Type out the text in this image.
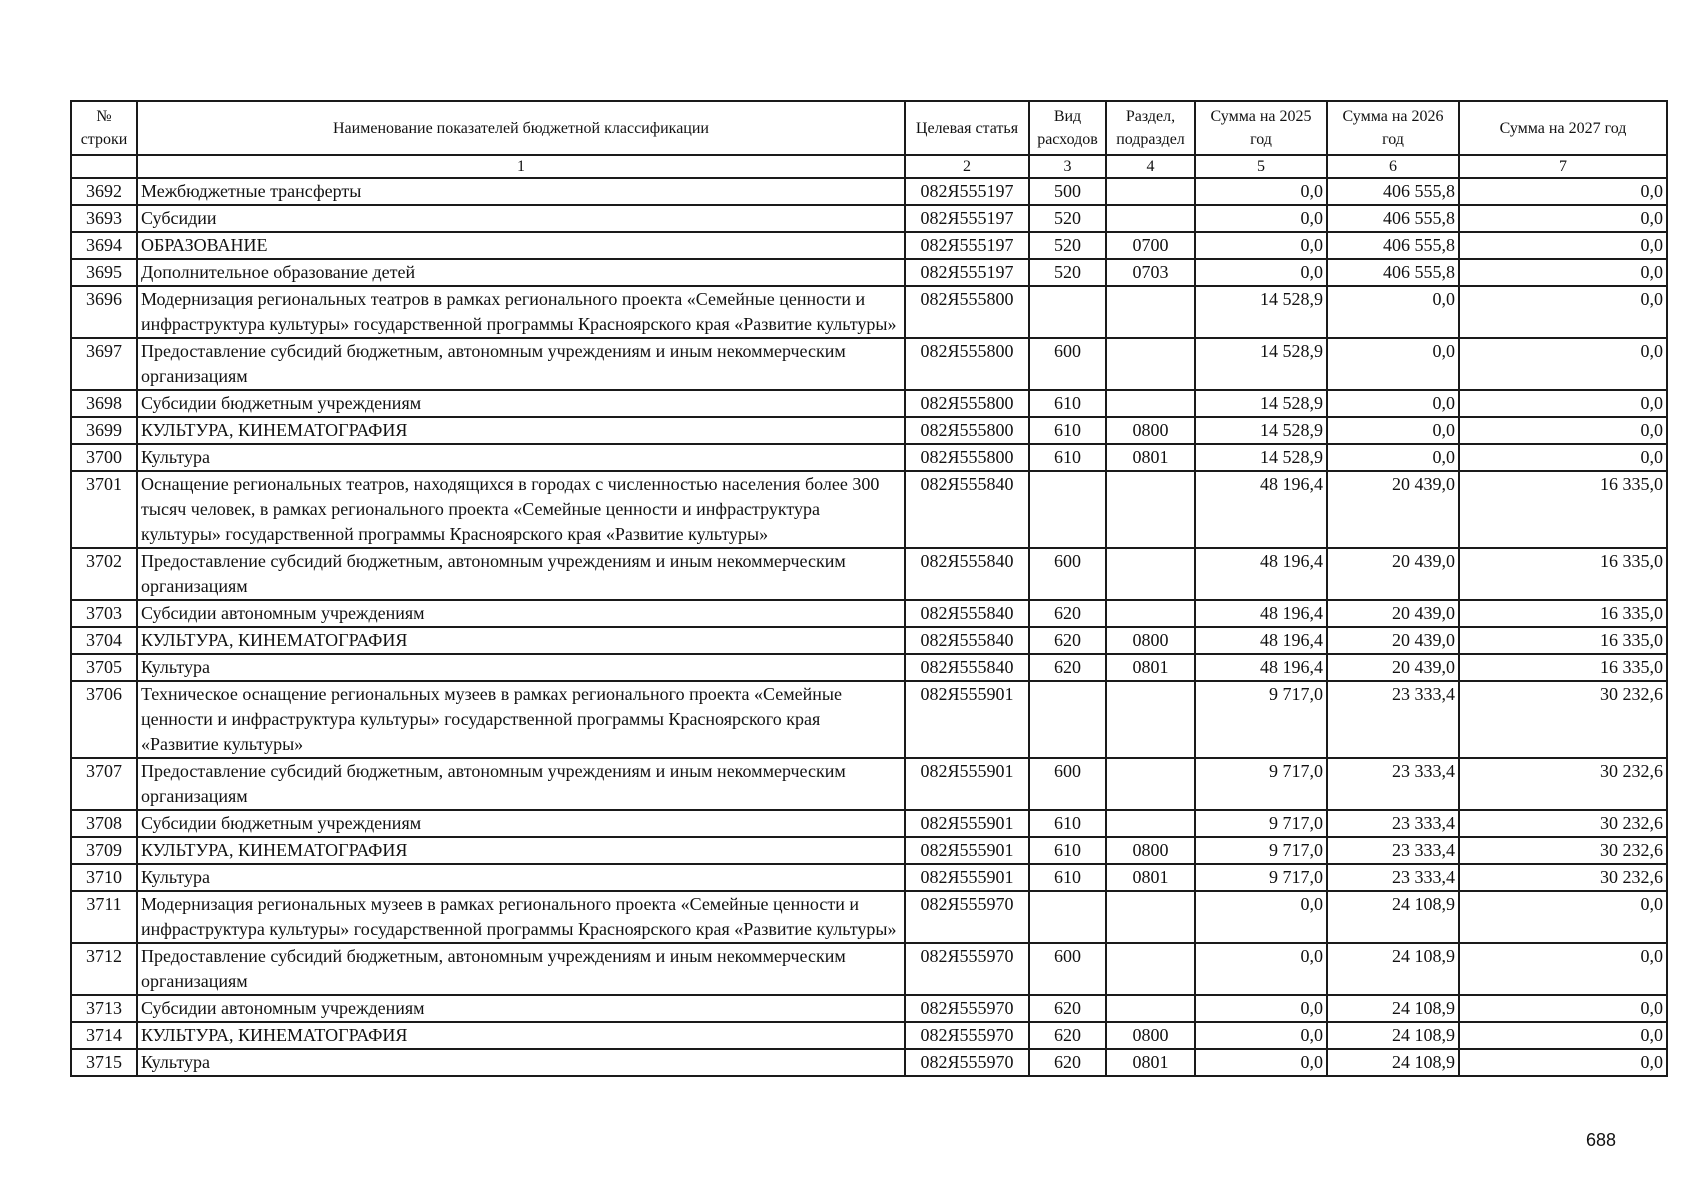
№ строки	Наименование показателей бюджетной классификации	Целевая статья	Вид расходов	Раздел, подраздел	Сумма на 2025 год	Сумма на 2026 год	Сумма на 2027 год
	1	2	3	4	5	6	7
3692	Межбюджетные трансферты	082Я555197	500		0,0	406 555,8	0,0
3693	Субсидии	082Я555197	520		0,0	406 555,8	0,0
3694	ОБРАЗОВАНИЕ	082Я555197	520	0700	0,0	406 555,8	0,0
3695	Дополнительное образование детей	082Я555197	520	0703	0,0	406 555,8	0,0
3696	Модернизация региональных театров в рамках регионального проекта «Семейные ценности и инфраструктура культуры» государственной программы Красноярского края «Развитие культуры»	082Я555800			14 528,9	0,0	0,0
3697	Предоставление субсидий бюджетным, автономным учреждениям и иным некоммерческим организациям	082Я555800	600		14 528,9	0,0	0,0
3698	Субсидии бюджетным учреждениям	082Я555800	610		14 528,9	0,0	0,0
3699	КУЛЬТУРА, КИНЕМАТОГРАФИЯ	082Я555800	610	0800	14 528,9	0,0	0,0
3700	Культура	082Я555800	610	0801	14 528,9	0,0	0,0
3701	Оснащение региональных театров, находящихся в городах с численностью населения более 300 тысяч человек, в рамках регионального проекта «Семейные ценности и инфраструктура культуры» государственной программы Красноярского края «Развитие культуры»	082Я555840			48 196,4	20 439,0	16 335,0
3702	Предоставление субсидий бюджетным, автономным учреждениям и иным некоммерческим организациям	082Я555840	600		48 196,4	20 439,0	16 335,0
3703	Субсидии автономным учреждениям	082Я555840	620		48 196,4	20 439,0	16 335,0
3704	КУЛЬТУРА, КИНЕМАТОГРАФИЯ	082Я555840	620	0800	48 196,4	20 439,0	16 335,0
3705	Культура	082Я555840	620	0801	48 196,4	20 439,0	16 335,0
3706	Техническое оснащение региональных музеев в рамках регионального проекта «Семейные ценности и инфраструктура культуры» государственной программы Красноярского края «Развитие культуры»	082Я555901			9 717,0	23 333,4	30 232,6
3707	Предоставление субсидий бюджетным, автономным учреждениям и иным некоммерческим организациям	082Я555901	600		9 717,0	23 333,4	30 232,6
3708	Субсидии бюджетным учреждениям	082Я555901	610		9 717,0	23 333,4	30 232,6
3709	КУЛЬТУРА, КИНЕМАТОГРАФИЯ	082Я555901	610	0800	9 717,0	23 333,4	30 232,6
3710	Культура	082Я555901	610	0801	9 717,0	23 333,4	30 232,6
3711	Модернизация региональных музеев в рамках регионального проекта «Семейные ценности и инфраструктура культуры» государственной программы Красноярского края «Развитие культуры»	082Я555970			0,0	24 108,9	0,0
3712	Предоставление субсидий бюджетным, автономным учреждениям и иным некоммерческим организациям	082Я555970	600		0,0	24 108,9	0,0
3713	Субсидии автономным учреждениям	082Я555970	620		0,0	24 108,9	0,0
3714	КУЛЬТУРА, КИНЕМАТОГРАФИЯ	082Я555970	620	0800	0,0	24 108,9	0,0
3715	Культура	082Я555970	620	0801	0,0	24 108,9	0,0
688
